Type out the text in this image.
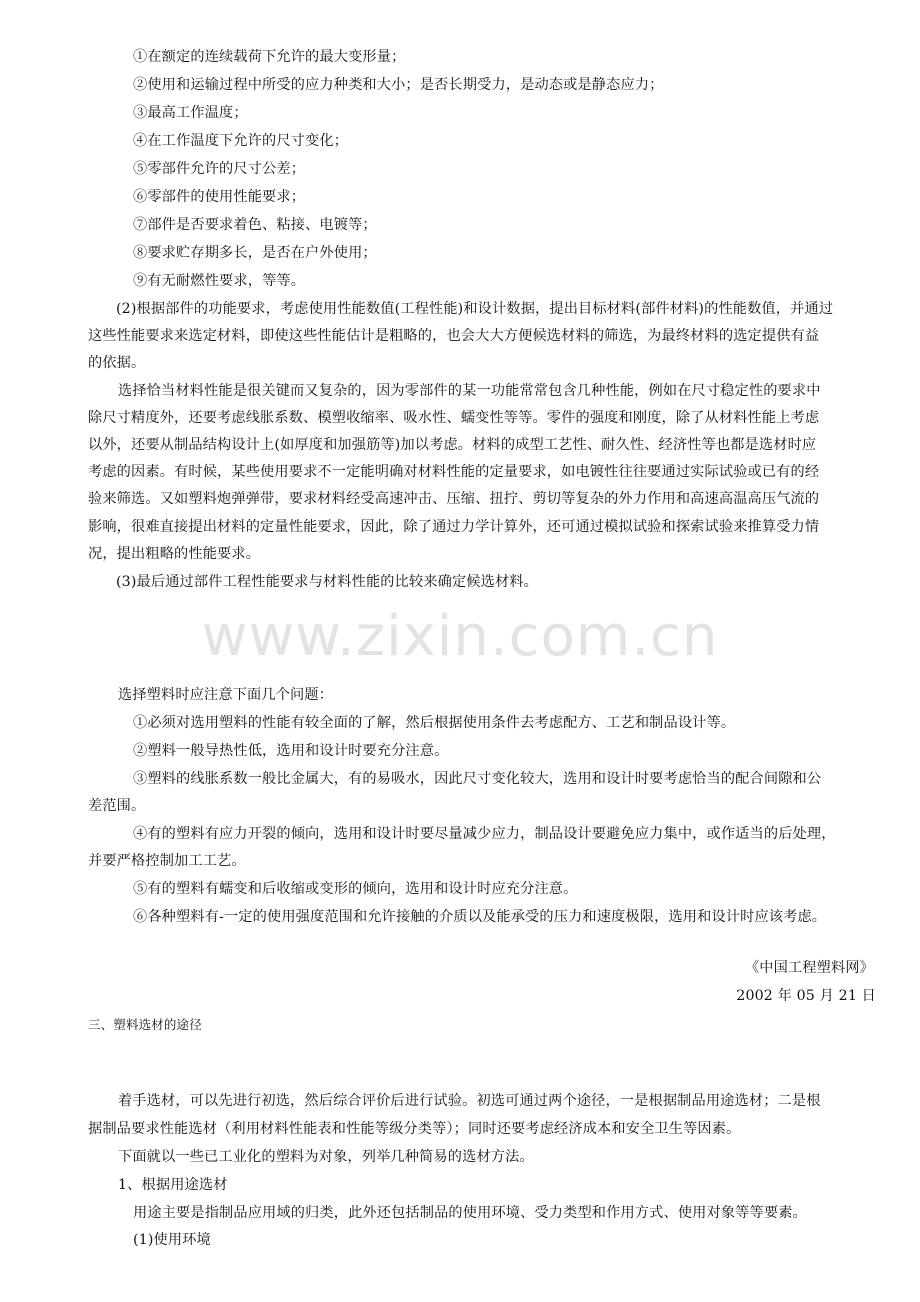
①在额定的连续载荷下允许的最大变形量；
②使用和运输过程中所受的应力种类和大小；是否长期受力，是动态或是静态应力；
③最高工作温度；
④在工作温度下允许的尺寸变化；
⑤零部件允许的尺寸公差；
⑥零部件的使用性能要求；
⑦部件是否要求着色、粘接、电镀等；
⑧要求贮存期多长，是否在户外使用；
⑨有无耐燃性要求，等等。
(2)根据部件的功能要求，考虑使用性能数值(工程性能)和设计数据，提出目标材料(部件材料)的性能数值，并通过
这些性能要求来选定材料，即使这些性能估计是粗略的，也会大大方便候选材料的筛选，为最终材料的选定提供有益
的依据。
选择恰当材料性能是很关键而又复杂的，因为零部件的某一功能常常包含几种性能，例如在尺寸稳定性的要求中
除尺寸精度外，还要考虑线胀系数、模塑收缩率、吸水性、蠕变性等等。零件的强度和刚度，除了从材料性能上考虑
以外，还要从制品结构设计上(如厚度和加强筋等)加以考虑。材料的成型工艺性、耐久性、经济性等也都是选材时应
考虑的因素。有时候，某些使用要求不一定能明确对材料性能的定量要求，如电镀性往往要通过实际试验或已有的经
验来筛选。又如塑料炮弹弹带，要求材料经受高速冲击、压缩、扭拧、剪切等复杂的外力作用和高速高温高压气流的
影响，很难直接提出材料的定量性能要求，因此，除了通过力学计算外，还可通过模拟试验和探索试验来推算受力情
况，提出粗略的性能要求。
(3)最后通过部件工程性能要求与材料性能的比较来确定候选材料。
www.zixin.com.cn
选择塑料时应注意下面几个问题：
①必须对选用塑料的性能有较全面的了解，然后根据使用条件去考虑配方、工艺和制品设计等。
②塑料一般导热性低，选用和设计时要充分注意。
③塑料的线胀系数一般比金属大，有的易吸水，因此尺寸变化较大，选用和设计时要考虑恰当的配合间隙和公
差范围。
④有的塑料有应力开裂的倾向，选用和设计时要尽量减少应力，制品设计要避免应力集中，或作适当的后处理，
并要严格控制加工工艺。
⑤有的塑料有蠕变和后收缩或变形的倾向，选用和设计时应充分注意。
⑥各种塑料有-一定的使用强度范围和允许接触的介质以及能承受的压力和速度极限，选用和设计时应该考虑。
《中国工程塑料网》
2002 年 05 月 21 日
三、塑料选材的途径
着手选材，可以先进行初选，然后综合评价后进行试验。初选可通过两个途径，一是根据制品用途选材；二是根
据制品要求性能选材（利用材料性能表和性能等级分类等）；同时还要考虑经济成本和安全卫生等因素。
下面就以一些已工业化的塑料为对象，列举几种简易的选材方法。
1、根据用途选材
用途主要是指制品应用域的归类，此外还包括制品的使用环境、受力类型和作用方式、使用对象等等要素。
(1)使用环境
